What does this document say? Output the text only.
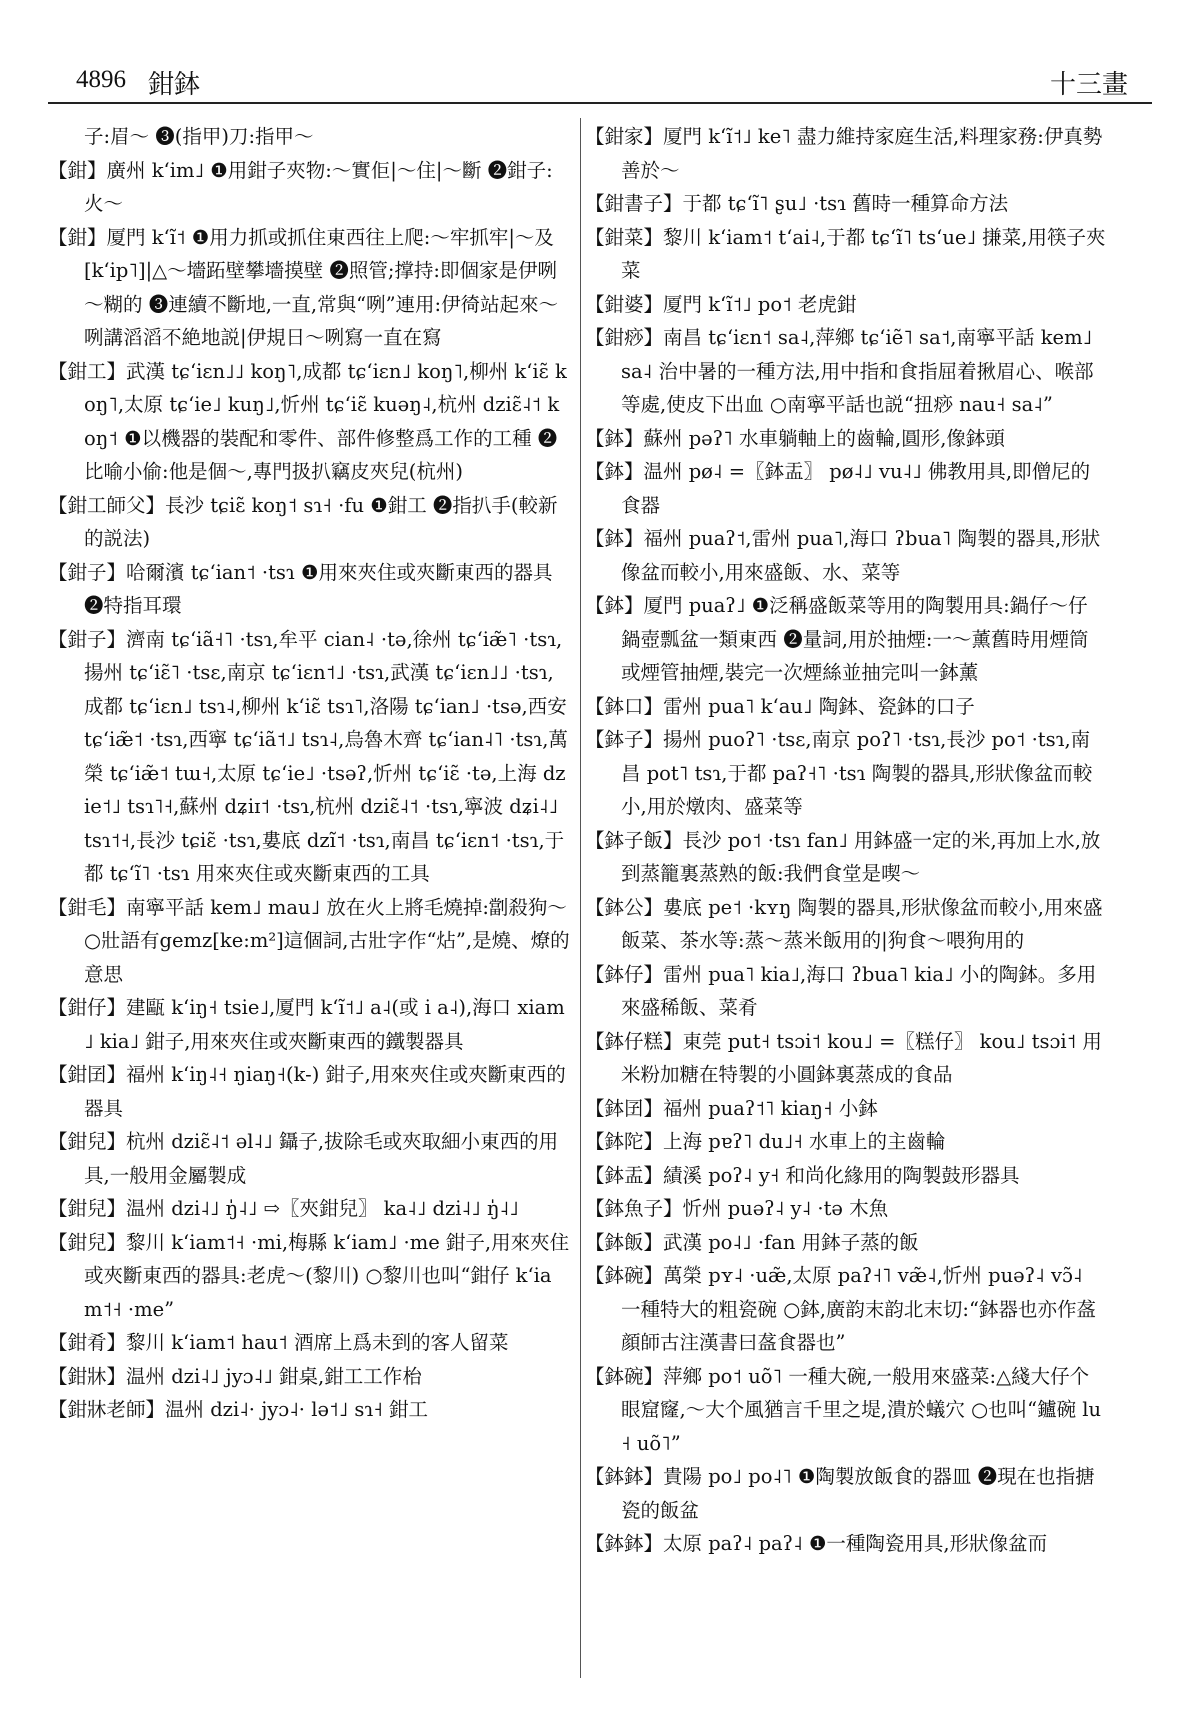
4896 鉗鉢	十三畫

子:眉～ ❸(指甲)刀:指甲～

【鉗】廣州 kʻim˩ ❶用鉗子夾物:～實佢|～住|～斷 ❷鉗子:火～

【鉗】厦門 kʻĩ˦ ❶用力抓或抓住東西往上爬:～牢抓牢|～及[kʻip˥]|△～墻跖壁攀墻摸壁 ❷照管;撑持:即個家是伊咧～糊的 ❸連續不斷地,一直,常與“咧”連用:伊徛站起來～咧講滔滔不絶地説|伊規日～咧寫一直在寫

【鉗工】武漢 tɕʻiɛn˩˩ koŋ˥,成都 tɕʻiɛn˩ koŋ˥,柳州 kʻiɛ̃ koŋ˥,太原 tɕʻie˩ kuŋ˩,忻州 tɕʻiɛ̃ kuəŋ˨,杭州 dziɛ̃˨˦ koŋ˦ ❶以機器的裝配和零件、部件修整爲工作的工種 ❷比喻小偷:他是個～,專門扱扒竊皮夾兒(杭州)

【鉗工師父】長沙 tɕiɛ̃ koŋ˦ sɿ˧ ·fu ❶鉗工 ❷指扒手(較新的説法)

【鉗子】哈爾濱 tɕʻian˦ ·tsɿ ❶用來夾住或夾斷東西的器具 ❷特指耳環

【鉗子】濟南 tɕʻiã˧˥ ·tsɿ,牟平 cian˨ ·tə,徐州 tɕʻiæ̃˥ ·tsɿ,揚州 tɕʻiɛ̃˥ ·tsɛ,南京 tɕʻiɛn˦˩ ·tsɿ,武漢 tɕʻiɛn˩˩ ·tsɿ,成都 tɕʻiɛn˩ tsɿ˨,柳州 kʻiɛ̃ tsɿ˥,洛陽 tɕʻian˩ ·tsə,西安 tɕʻiæ̃˦ ·tsɿ,西寧 tɕʻiã˦˩ tsɿ˨,烏魯木齊 tɕʻian˨˥ ·tsɿ,萬榮 tɕʻiæ̃˦ tɯ˧,太原 tɕʻie˩ ·tsəʔ,忻州 tɕʻiɛ̃ ·tə,上海 dzie˦˩ tsɿ˥˧,蘇州 dʑiɪ˦ ·tsɿ,杭州 dziɛ̃˨˦ ·tsɿ,寧波 dʑi˨˩ tsɿ˦˧,長沙 tɕiɛ̃ ·tsɿ,婁底 dzĩ˦ ·tsɿ,南昌 tɕʻiɛn˦ ·tsɿ,于都 tɕʻĩ˥ ·tsɿ 用來夾住或夾斷東西的工具

【鉗毛】南寧平話 kem˩ mau˩ 放在火上將毛燒掉:劏殺狗～ ○壯語有gemz[ke:m²]這個詞,古壯字作“炶”,是燒、燎的意思

【鉗仔】建甌 kʻiŋ˧ tsie˩,厦門 kʻĩ˦˩ a˨(或 i a˨),海口 xiam˩ kia˩ 鉗子,用來夾住或夾斷東西的鐵製器具

【鉗囝】福州 kʻiŋ˨˧ ŋiaŋ˧(k-) 鉗子,用來夾住或夾斷東西的器具

【鉗兒】杭州 dziɛ̃˨˦ əl˨˩ 鑷子,拔除毛或夾取細小東西的用具,一般用金屬製成

【鉗兒】温州 dzi˨˩ ŋ̍˨˩ ⇨〖夾鉗兒〗 ka˨˩ dzi˨˩ ŋ̍˨˩

【鉗兒】黎川 kʻiam˦˧ ·mi,梅縣 kʻiam˩ ·me 鉗子,用來夾住或夾斷東西的器具:老虎～(黎川) ○黎川也叫“鉗仔 kʻiam˦˧ ·me”

【鉗肴】黎川 kʻiam˦ hau˦ 酒席上爲未到的客人留菜

【鉗牀】温州 dzi˨˩ jyɔ˨˩ 鉗桌,鉗工工作枱

【鉗牀老師】温州 dzi˨· jyɔ˨· lə˦˩ sɿ˧ 鉗工

【鉗家】厦門 kʻĩ˦˩ ke˥ 盡力維持家庭生活,料理家務:伊真勢善於～

【鉗書子】于都 tɕʻĩ˥ ʂu˩ ·tsɿ 舊時一種算命方法

【鉗菜】黎川 kʻiam˦ tʻai˨,于都 tɕʻĩ˥ tsʻue˩ 搛菜,用筷子夾菜

【鉗婆】厦門 kʻĩ˦˩ po˦ 老虎鉗

【鉗痧】南昌 tɕʻiɛn˦ sa˨,萍鄉 tɕʻiẽ˥ sa˦,南寧平話 kem˩ sa˨ 治中暑的一種方法,用中指和食指屈着揪眉心、喉部等處,使皮下出血 ○南寧平話也説“扭痧 nau˧ sa˨”

【鉢】蘇州 pəʔ˥ 水車躺軸上的齒輪,圓形,像鉢頭

【鉢】温州 pø˨ =〖鉢盂〗 pø˨˩ vu˨˩ 佛教用具,即僧尼的食器

【鉢】福州 puaʔ˦,雷州 pua˥,海口 ʔbua˥ 陶製的器具,形狀像盆而較小,用來盛飯、水、菜等

【鉢】厦門 puaʔ˩ ❶泛稱盛飯菜等用的陶製用具:鍋仔～仔鍋壺瓢盆一類東西 ❷量詞,用於抽煙:一～薰舊時用煙筒或煙管抽煙,裝完一次煙絲並抽完叫一鉢薰

【鉢口】雷州 pua˥ kʻau˩ 陶鉢、瓷鉢的口子

【鉢子】揚州 puoʔ˥ ·tsɛ,南京 poʔ˥ ·tsɿ,長沙 po˦ ·tsɿ,南昌 pot˥ tsɿ,于都 paʔ˧˥ ·tsɿ 陶製的器具,形狀像盆而較小,用於燉肉、盛菜等

【鉢子飯】長沙 po˦ ·tsɿ fan˩ 用鉢盛一定的米,再加上水,放到蒸籠裏蒸熟的飯:我們食堂是喫～

【鉢公】婁底 pe˦ ·kʏŋ 陶製的器具,形狀像盆而較小,用來盛飯菜、茶水等:蒸～蒸米飯用的|狗食～喂狗用的

【鉢仔】雷州 pua˥ kia˩,海口 ʔbua˥ kia˩ 小的陶鉢。多用來盛稀飯、菜肴

【鉢仔糕】東莞 put˧ tsɔi˦ kou˩ =〖糕仔〗 kou˩ tsɔi˦ 用米粉加糖在特製的小圓鉢裏蒸成的食品

【鉢囝】福州 puaʔ˦˥ kiaŋ˧ 小鉢

【鉢陀】上海 pɐʔ˥ du˩˧ 水車上的主齒輪

【鉢盂】績溪 poʔ˨ y˧ 和尚化緣用的陶製鼓形器具

【鉢魚子】忻州 puəʔ˨ y˨ ·tə 木魚

【鉢飯】武漢 po˨˩ ·fan 用鉢子蒸的飯

【鉢碗】萬榮 pʏ˨ ·uæ̃,太原 paʔ˧˥ væ̃˨,忻州 puəʔ˨ vɔ̃˨ 一種特大的粗瓷碗 ○鉢,廣韵末韵北末切:“鉢器也亦作盋顔師古注漢書曰盋食器也”

【鉢碗】萍鄉 po˦ uõ˥ 一種大碗,一般用來盛菜:△綫大仔个眼窟窿,～大个風猶言千里之堤,潰於蟻穴 ○也叫“鑪碗 lu˧ uõ˥”

【鉢鉢】貴陽 po˩ po˨˥ ❶陶製放飯食的器皿 ❷現在也指搪瓷的飯盆

【鉢鉢】太原 paʔ˨ paʔ˨ ❶一種陶瓷用具,形狀像盆而
